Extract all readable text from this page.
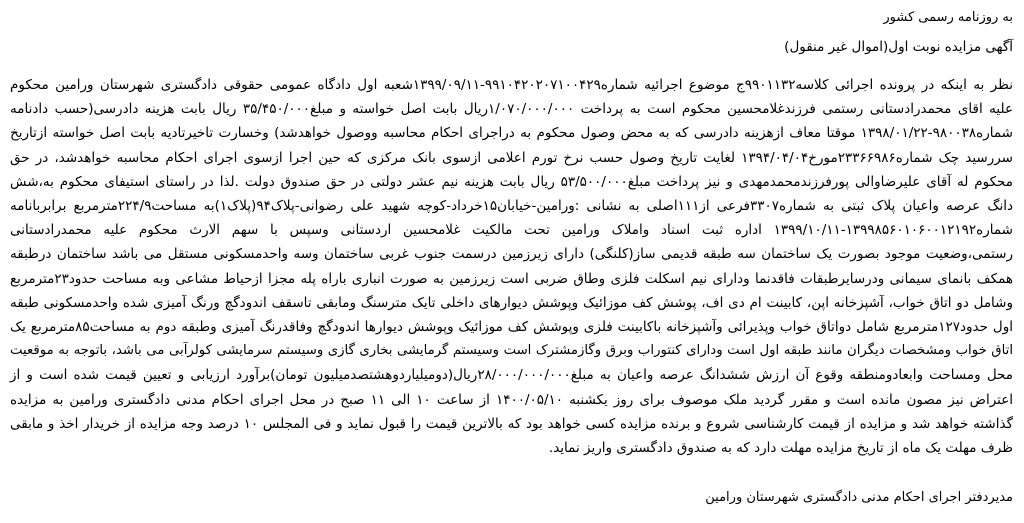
به روزنامه رسمی کشور
آگهی مزایده نوبت اول(اموال غیر منقول)
نظر به اینکه در پرونده اجرائی کلاسه۹۹۰۱۱۳۲ج موضوع اجرائیه شماره۹۹۱۰۴۲۰۲۰۷۱۰۰۴۲۹-۱۳۹۹/۰۹/۱۱شعبه اول دادگاه عمومی حقوقی دادگستری شهرستان ورامین محکوم
علیه اقای محمدرادستانی رستمی فرزندغلامحسین محکوم است به پرداخت ۱/۰۷۰/۰۰۰/۰۰۰ریال بابت اصل خواسته و مبلغ۳۵/۴۵۰/۰۰۰ ریال بابت هزینه دادرسی(حسب دادنامه
شماره۹۸۰۰۳۸-۱۳۹۸/۰۱/۲۲ موقتا معاف ازهزینه دادرسی که به محض وصول محکوم به دراجرای احکام محاسبه ووصول خواهدشد) وخسارت تاخیرتادیه بابت اصل خواسته ازتاریخ
سررسید چک شماره۲۳۳۶۶۹۸۶مورخ۱۳۹۴/۰۴/۰۴ لغایت تاریخ وصول حسب نرخ تورم اعلامی ازسوی بانک مرکزی که حین اجرا ازسوی اجرای احکام محاسبه خواهدشد، در حق
محکوم له آقای علیرضاوالی پورفرزندمحمدمهدی و نیز پرداخت مبلغ۵۳/۵۰۰/۰۰۰ ریال بابت هزینه نیم عشر دولتی در حق صندوق دولت .لذا در راستای استیفای محکوم به،شش
دانگ عرصه واعیان پلاک ثبتی به شماره۳۳۰۷فرعی از۱۱۱اصلی به نشانی :ورامین-خیابان۱۵خرداد-کوچه شهید علی رضوانی-پلاک۹۴(پلاک۱)به مساحت۲۲۴/۹مترمربع برابربانامه
شماره۱۳۹۹۸۵۶۰۱۰۶۰۰۱۲۱۹۲-۱۳۹۹/۱۰/۱۱ اداره ثبت اسناد واملاک ورامین تحت مالکیت غلامحسین اردستانی وسپس با سهم الارث محکوم علیه محمدرادستانی
رستمی،وضعیت موجود بصورت یک ساختمان سه طبقه قدیمی ساز(کلنگی) دارای زیرزمین درسمت جنوب غربی ساختمان وسه واحدمسکونی مستقل می باشد ساختمان درطبقه
همکف بانمای سیمانی ودرسایرطبقات فاقدنما ودارای نیم اسکلت فلزی وطاق ضربی است زیرزمین به صورت انباری باراه پله مجزا ازحیاط مشاعی وبه مساحت حدود۲۳مترمربع
وشامل دو اتاق خواب، آشپزخانه اپن، کابینت ام دی اف، پوشش کف موزائیک وپوشش دیوارهای داخلی تایک مترسنگ ومابقی تاسقف اندودگچ ورنگ آمیزی شده واحدمسکونی طبقه
اول حدود۱۲۷مترمربع شامل دواتاق خواب وپذیرائی وآشپزخانه باکابینت فلزی وپوشش کف موزائیک وپوشش دیوارها اندودگچ وفاقدرنگ آمیزی وطبقه دوم به مساحت۸۵مترمربع یک
اتاق خواب ومشخصات دیگران مانند طبقه اول است ودارای کنتوراب وبرق وگازمشترک است وسیستم گرمایشی بخاری گازی وسیستم سرمایشی کولرآبی می باشد، باتوجه به موقعیت
محل ومساحت وابعادومنطقه وقوع آن ارزش ششدانگ عرصه واعیان به مبلغ۲۸/۰۰۰/۰۰۰/۰۰۰ریال(دومیلیاردوهشتصدمیلیون تومان)برآورد ارزیابی و تعیین قیمت شده است و از
اعتراض نیز مصون مانده است و مقرر گردید ملک موصوف برای روز یکشنبه ۱۴۰۰/۰۵/۱۰ از ساعت ۱۰ الی ۱۱ صبح در محل اجرای احکام مدنی دادگستری ورامین به مزایده
گذاشته خواهد شد و مزایده از قیمت کارشناسی شروع و برنده مزایده کسی خواهد بود که بالاترین قیمت را قبول نماید و فی المجلس ۱۰ درصد وجه مزایده از خریدار اخذ و مابقی
ظرف مهلت یک ماه از تاریخ مزایده مهلت دارد که به صندوق دادگستری واریز نماید.
مدیردفتر اجرای احکام مدنی دادگستری شهرستان ورامین
